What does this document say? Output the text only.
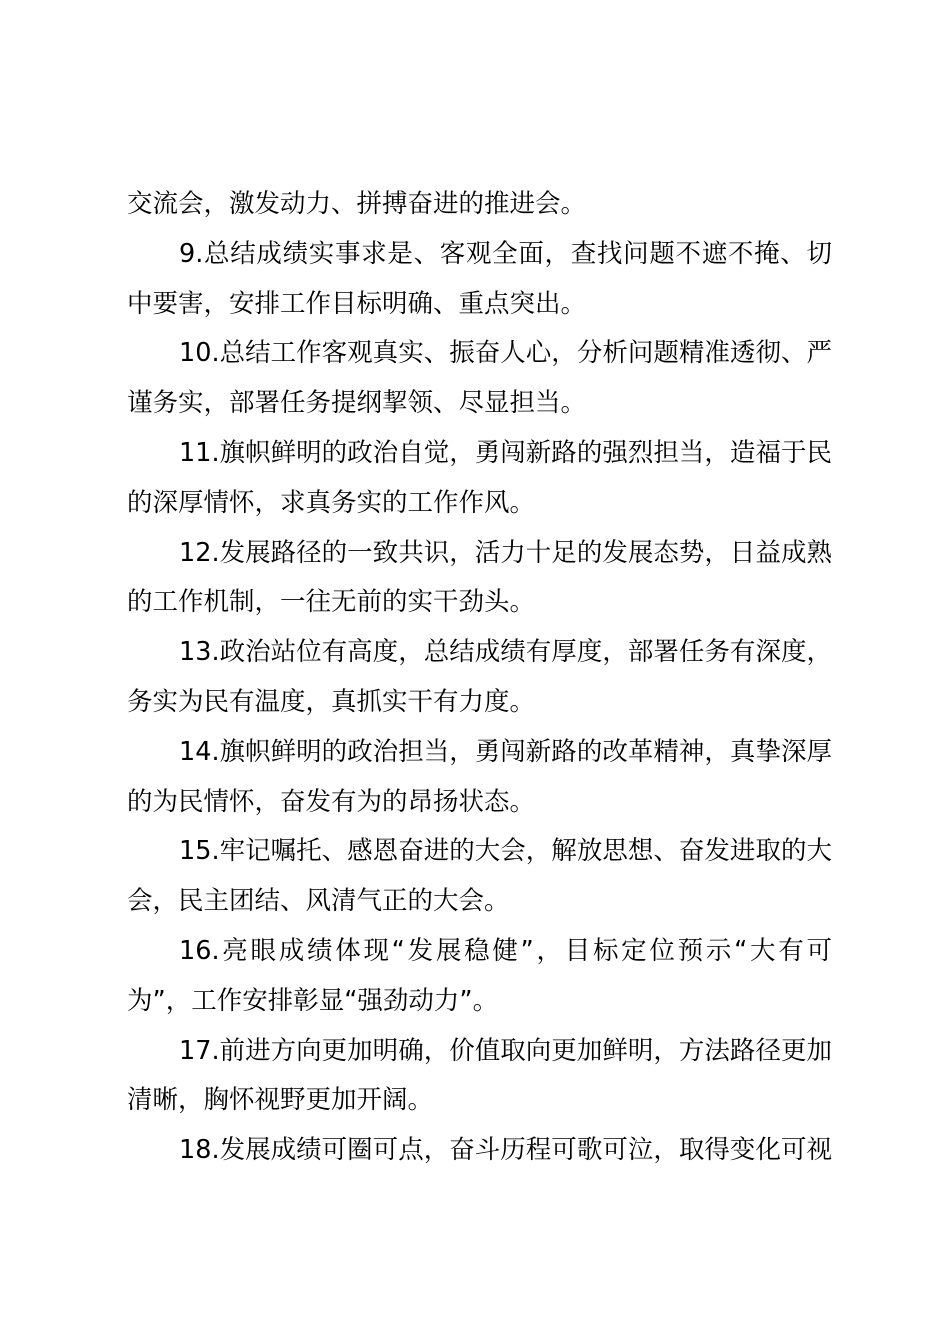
交流会，激发动力、拼搏奋进的推进会。
9.总结成绩实事求是、客观全面，查找问题不遮不掩、切
中要害，安排工作目标明确、重点突出。
10.总结工作客观真实、振奋人心，分析问题精准透彻、严
谨务实，部署任务提纲挈领、尽显担当。
11.旗帜鲜明的政治自觉，勇闯新路的强烈担当，造福于民
的深厚情怀，求真务实的工作作风。
12.发展路径的一致共识，活力十足的发展态势，日益成熟
的工作机制，一往无前的实干劲头。
13.政治站位有高度，总结成绩有厚度，部署任务有深度，
务实为民有温度，真抓实干有力度。
14.旗帜鲜明的政治担当，勇闯新路的改革精神，真挚深厚
的为民情怀，奋发有为的昂扬状态。
15.牢记嘱托、感恩奋进的大会，解放思想、奋发进取的大
会，民主团结、风清气正的大会。
16.亮眼成绩体现“发展稳健”，目标定位预示“大有可
为”，工作安排彰显“强劲动力”。
17.前进方向更加明确，价值取向更加鲜明，方法路径更加
清晰，胸怀视野更加开阔。
18.发展成绩可圈可点，奋斗历程可歌可泣，取得变化可视
